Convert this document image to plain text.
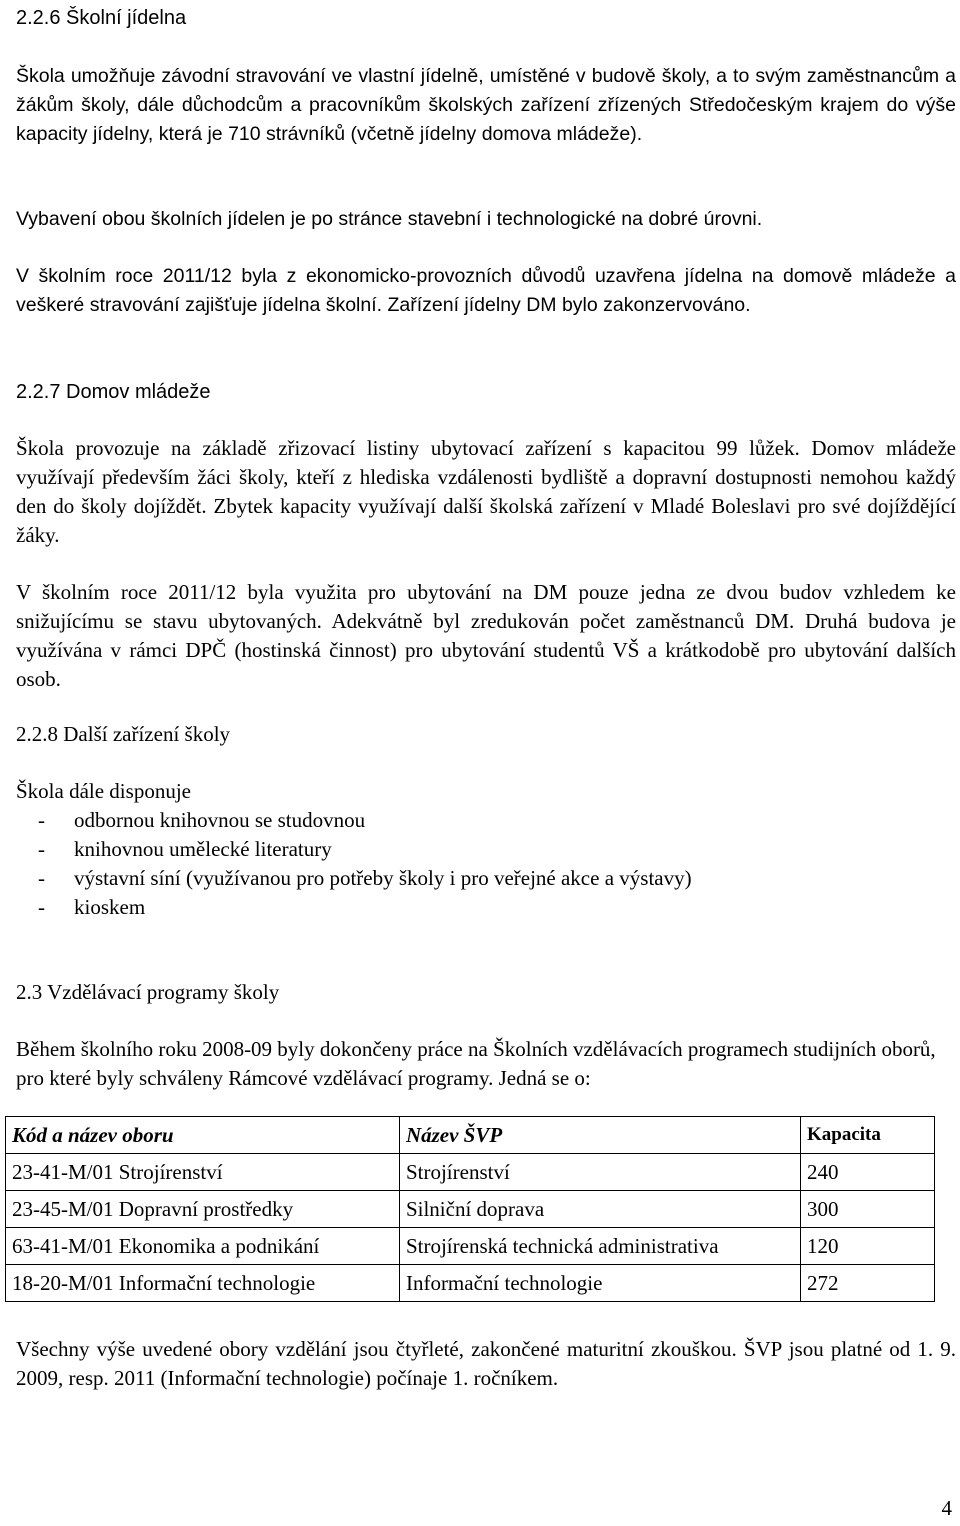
2.2.6 Školní jídelna

Škola umožňuje závodní stravování ve vlastní jídelně, umístěné v budově školy, a to svým zaměstnancům a žákům školy, dále důchodcům a pracovníkům školských zařízení zřízených Středočeským krajem do výše kapacity jídelny, která je 710 strávníků (včetně jídelny domova mládeže).

Vybavení obou školních jídelen je po stránce stavební i technologické na dobré úrovni.

V školním roce 2011/12 byla z ekonomicko-provozních důvodů uzavřena jídelna na domově mládeže a veškeré stravování zajišťuje jídelna školní. Zařízení jídelny DM bylo zakonzervováno.

2.2.7 Domov mládeže

Škola provozuje na základě zřizovací listiny ubytovací zařízení s kapacitou 99 lůžek. Domov mládeže využívají především žáci školy, kteří z hlediska vzdálenosti bydliště a dopravní dostupnosti nemohou každý den do školy dojíždět. Zbytek kapacity využívají další školská zařízení v Mladé Boleslavi pro své dojíždějící žáky.

V školním roce 2011/12 byla využita pro ubytování na DM pouze jedna ze dvou budov vzhledem ke snižujícímu se stavu ubytovaných. Adekvátně byl zredukován počet zaměstnanců DM. Druhá budova je využívána v rámci DPČ (hostinská činnost) pro ubytování studentů VŠ a krátkodobě pro ubytování dalších osob.

2.2.8 Další zařízení školy

Škola dále disponuje

- odbornou knihovnou se studovnou
- knihovnou umělecké literatury
- výstavní síní (využívanou pro potřeby školy i pro veřejné akce a výstavy)
- kioskem
2.3 Vzdělávací programy školy

Během školního roku 2008-09 byly dokončeny práce na Školních vzdělávacích programech studijních oborů, pro které byly schváleny Rámcové vzdělávací programy. Jedná se o:

Kód a název oboru	Název ŠVP	Kapacita
23-41-M/01 Strojírenství	Strojírenství	240
23-45-M/01 Dopravní prostředky	Silniční doprava	300
63-41-M/01 Ekonomika a podnikání	Strojírenská technická administrativa	120
18-20-M/01 Informační technologie	Informační technologie	272

Všechny výše uvedené obory vzdělání jsou čtyřleté, zakončené maturitní zkouškou. ŠVP jsou platné od 1. 9. 2009, resp. 2011 (Informační technologie) počínaje 1. ročníkem.

4
